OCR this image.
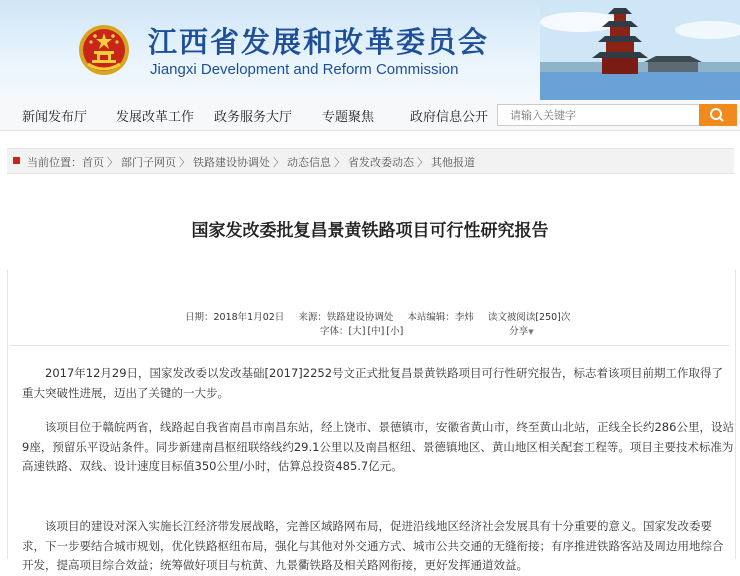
江西省发展和改革委员会
Jiangxi Development and Reform Commission
新闻发布厅 发展改革工作 政务服务大厅 专题聚焦	政府信息公开
请输入关键字
当前位置：首页 〉 部门子网页 〉 铁路建设协调处 〉 动态信息 〉 省发改委动态 〉 其他报道
国家发改委批复昌景黄铁路项目可行性研究报告
日期：2018年1月02日 来源：铁路建设协调处 本站编辑：李炜 读文被阅读[250]次
字体：[大] [中] [小]	分享▼

2017年12月29日，国家发改委以发改基础[2017]2252号文正式批复昌景黄铁路项目可行性研究报告，标志着该项目前期工作取得了重大突破性进展，迈出了关键的一大步。

该项目位于赣皖两省，线路起自我省南昌市南昌东站，经上饶市、景德镇市，安徽省黄山市，终至黄山北站，正线全长约286公里，设站9座，预留乐平设站条件。同步新建南昌枢纽联络线约29.1公里以及南昌枢纽、景德镇地区、黄山地区相关配套工程等。项目主要技术标准为高速铁路、双线、设计速度目标值350公里/小时，估算总投资485.7亿元。

该项目的建设对深入实施长江经济带发展战略，完善区域路网布局，促进沿线地区经济社会发展具有十分重要的意义。国家发改委要求，下一步要结合城市规划，优化铁路枢纽布局，强化与其他对外交通方式、城市公共交通的无缝衔接；有序推进铁路客站及周边用地综合开发，提高项目综合效益；统筹做好项目与杭黄、九景衢铁路及相关路网衔接，更好发挥通道效益。
